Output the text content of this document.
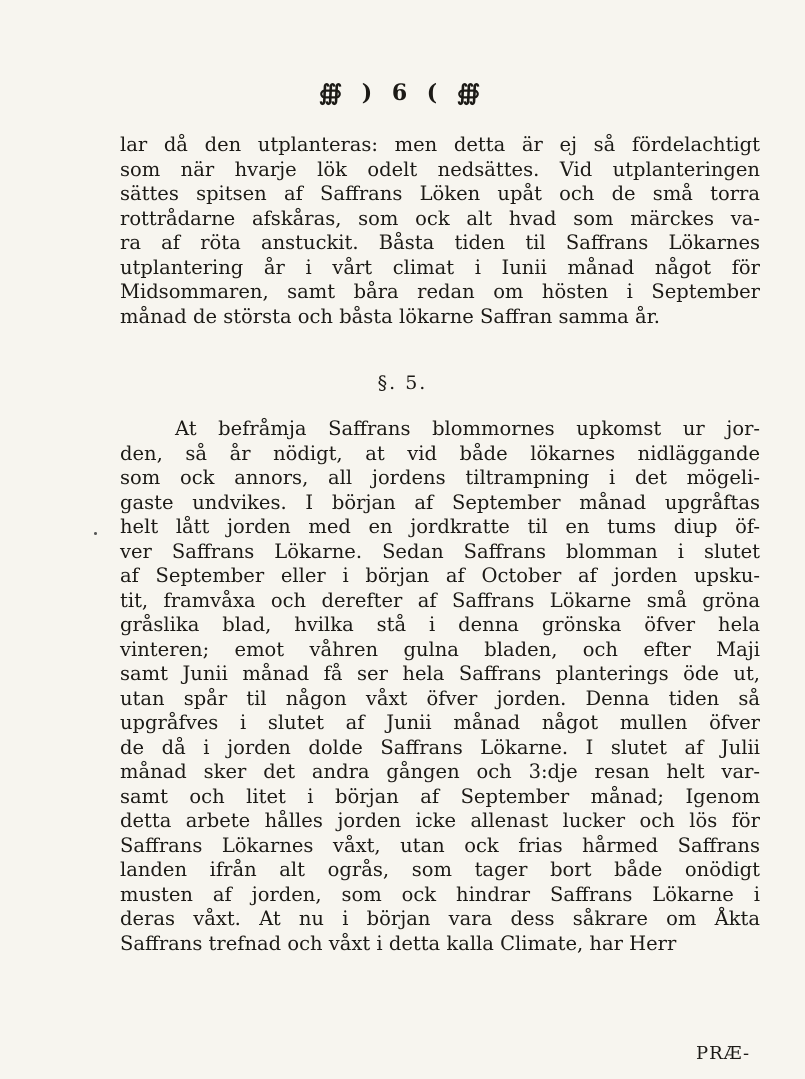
∰ ) 6 ( ∰
lar då den utplanteras: men detta är ej så fördelachtigt
som när hvarje lök odelt nedsättes. Vid utplanteringen
sättes spitsen af Saffrans Löken upåt och de små torra
rottrådarne afskåras, som ock alt hvad som märckes va-
ra af röta anstuckit. Båsta tiden til Saffrans Lökarnes
utplantering år i vårt climat i Iunii månad något för
Midsommaren, samt båra redan om hösten i September
månad de största och båsta lökarne Saffran samma år.
§. 5.
At befråmja Saffrans blommornes upkomst ur jor-
den, så år nödigt, at vid både lökarnes nidläggande
som ock annors, all jordens tiltrampning i det mögeli-
gaste undvikes. I början af September månad upgråftas
helt lått jorden med en jordkratte til en tums diup öf-
ver Saffrans Lökarne. Sedan Saffrans blomman i slutet
af September eller i början af October af jorden upsku-
tit, framvåxa och derefter af Saffrans Lökarne små gröna
gråslika blad, hvilka stå i denna grönska öfver hela
vinteren; emot våhren gulna bladen, och efter Maji
samt Junii månad få ser hela Saffrans planterings öde ut,
utan spår til någon våxt öfver jorden. Denna tiden så
upgråfves i slutet af Junii månad något mullen öfver
de då i jorden dolde Saffrans Lökarne. I slutet af Julii
månad sker det andra gången och 3:dje resan helt var-
samt och litet i början af September månad; Igenom
detta arbete hålles jorden icke allenast lucker och lös för
Saffrans Lökarnes våxt, utan ock frias hårmed Saffrans
landen ifrån alt ogrås, som tager bort både onödigt
musten af jorden, som ock hindrar Saffrans Lökarne i
deras våxt. At nu i början vara dess såkrare om Åkta
Saffrans trefnad och våxt i detta kalla Climate, har Herr
PRÆ-
